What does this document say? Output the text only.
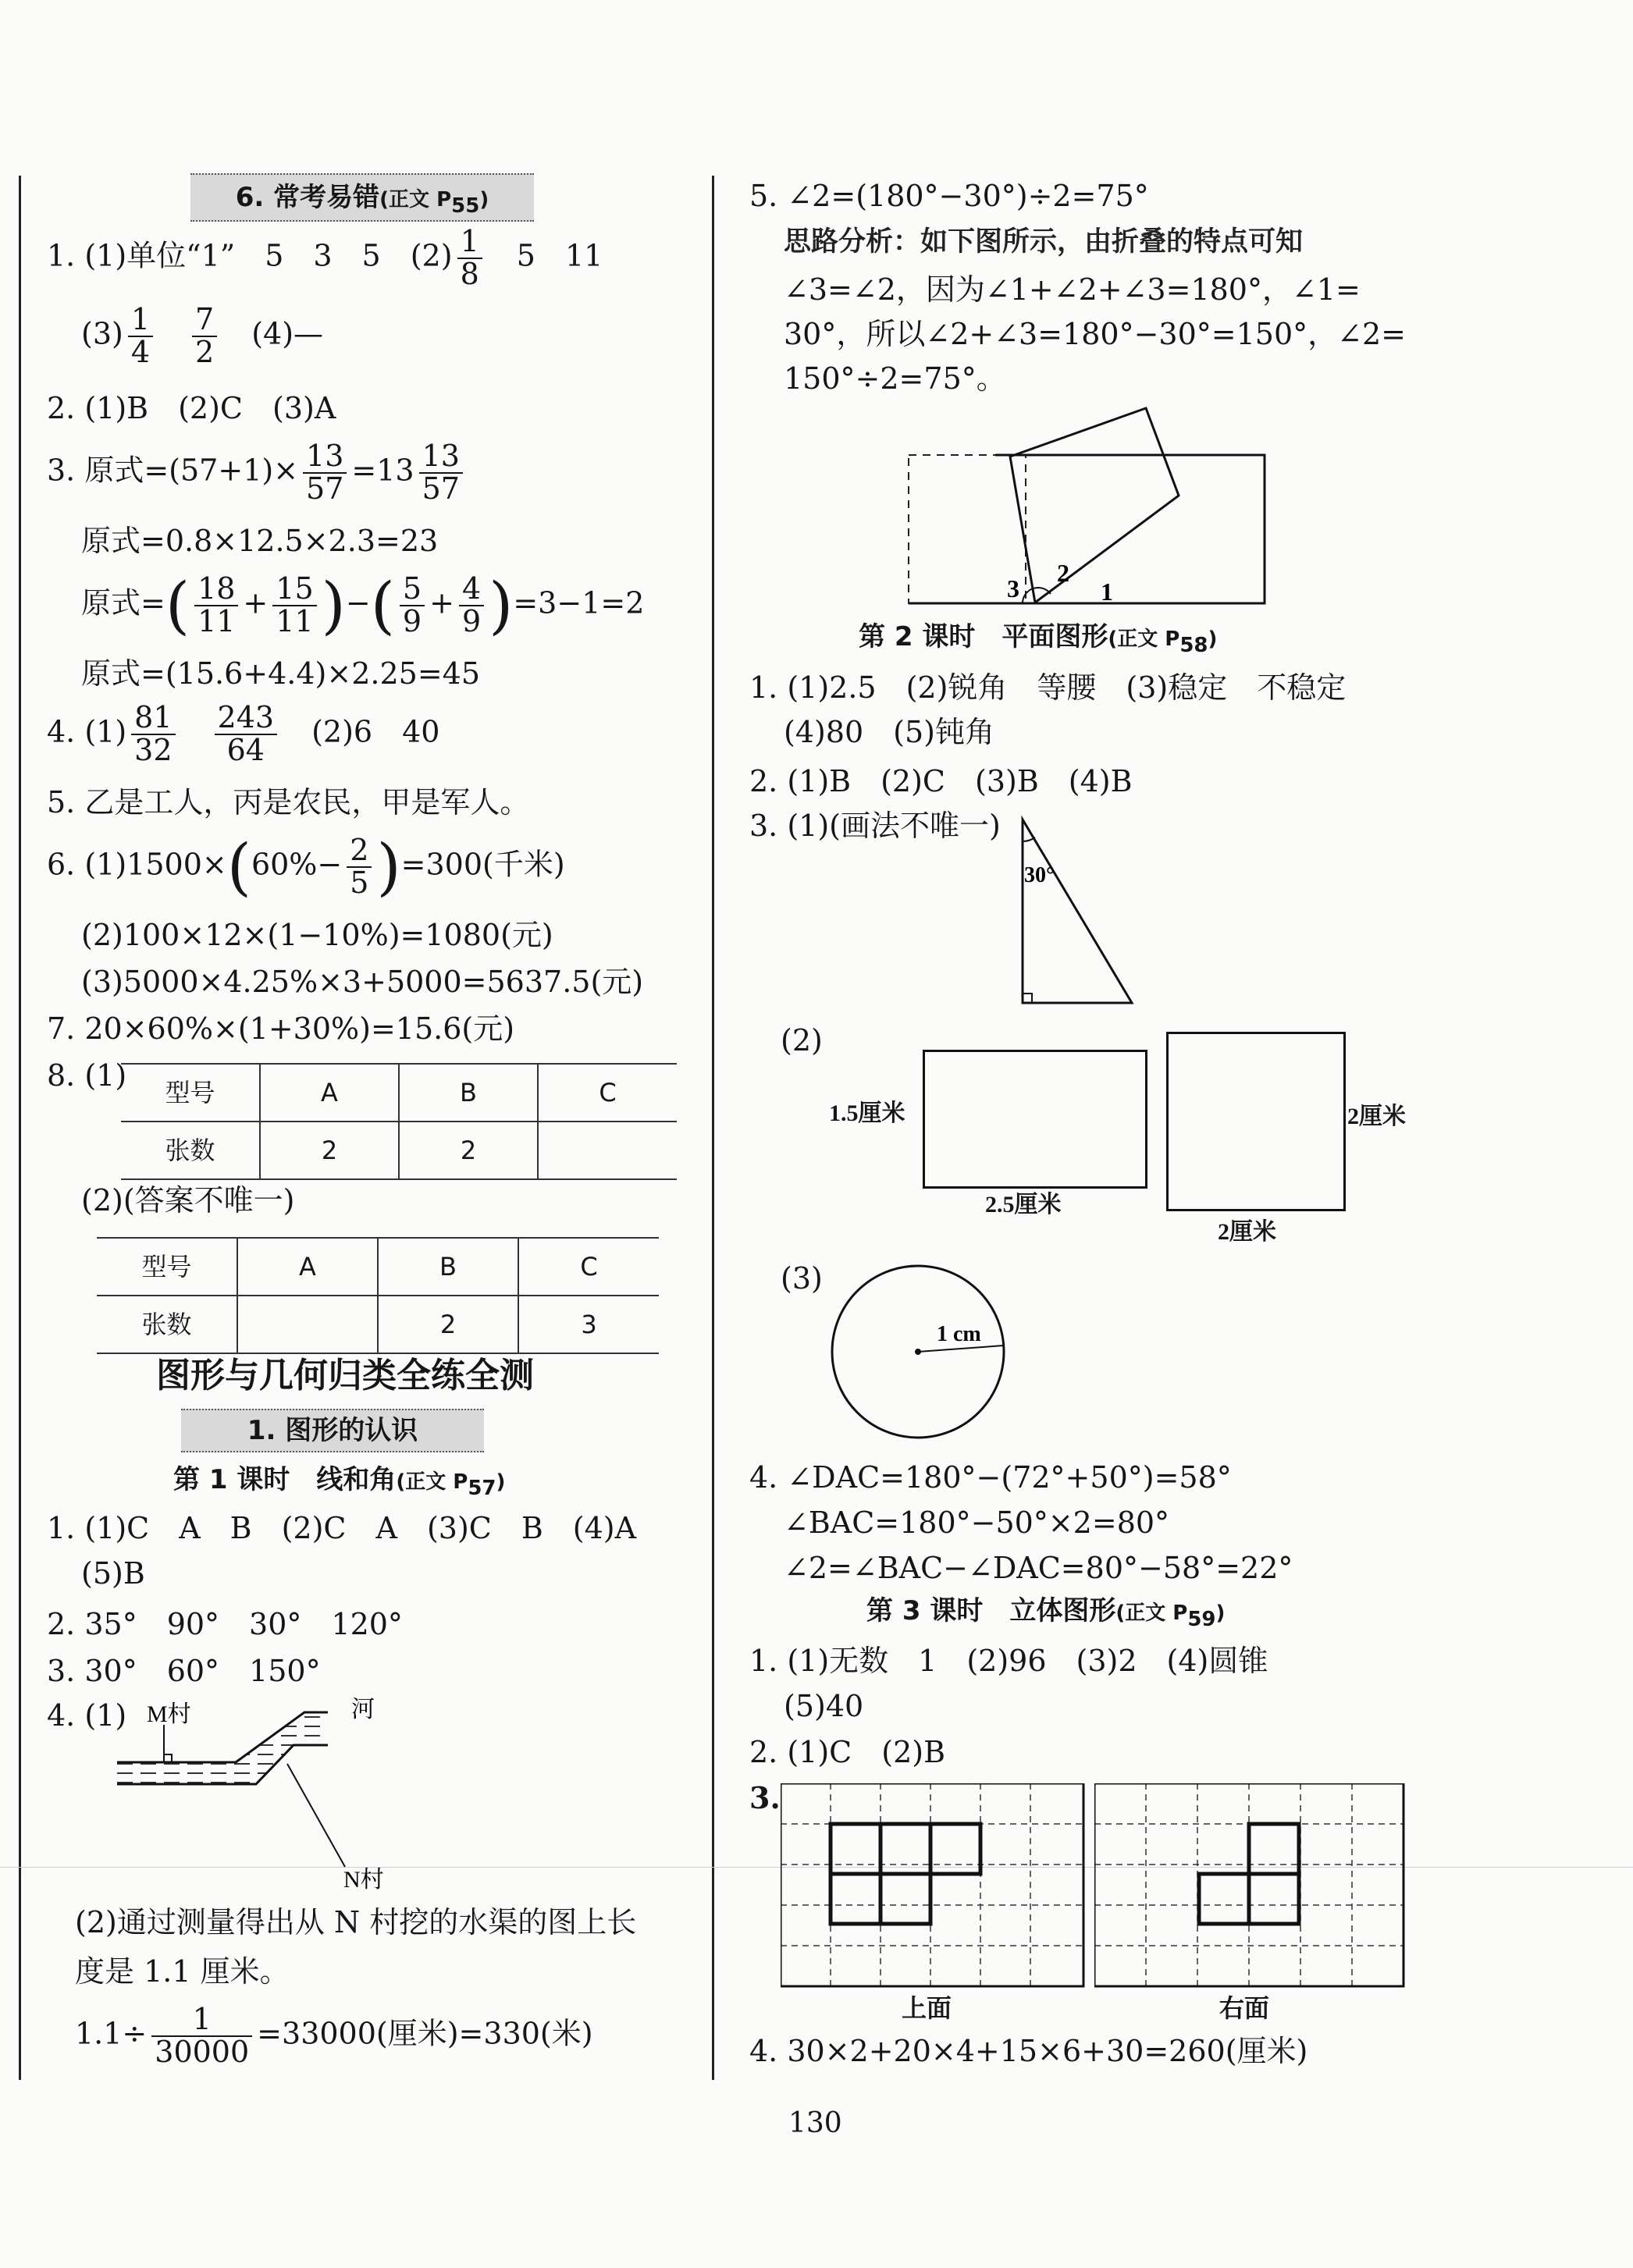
6. 常考易错(正文 $P_{55}$)
1. (1)单位“1”　5　3　5　$(2) \frac{1}{8}$
　 5　11
$(3) \frac{1}{4}$
　 $\frac{7}{2}$
　 (4)—
2. (1)B　(2)C　(3)A
3. 原式$=(57+1)\times \frac{13}{57} =13 \frac{13}{57}$
原式=0.8×12.5×2.3=23
原式=( $\frac{18}{11} + \frac{15}{11}$ )−( $\frac{5}{9} + \frac{4}{9} )=3-1=2$
原式=(15.6+4.4)×2.25=45
4. $(1) \frac{81}{32}$
　 $\frac{243}{64}$
　 (2)6　40
5. 乙是工人，丙是农民，甲是军人。
6. $(1)1500\times(60\%- \frac{2}{5} )=300$(千米)
(2)100×12×(1−10%)=1080(元)
(3)5000×4.25%×3+5000=5637.5(元)
7. 20×60%×(1+30%)=15.6(元)
8. (1) 型号	A	B	C
张数	2	2	
(2)(答案不唯一)
型号	A	B	C
张数		2	3
图形与几何归类全练全测
1. 图形的认识
第 1 课时　线和角(正文 $P_{57}$)
1. (1)C　A　B　(2)C　A　(3)C　B　(4)A
(5)B
2. 35°　90°　30°　120°
3. 30°　60°　150°
4. (1) M村	河
N村
(2)通过测量得出从 N 村挖的水渠的图上长
度是 1.1 厘米。
$1.1\div \frac{1}{30000} =33000$(厘米)=330(米)
5. ∠2=(180°−30°)÷2=75°
思路分析：如下图所示，由折叠的特点可知
∠3=∠2，因为∠1+∠2+∠3=180°，∠1=
30°，所以∠2+∠3=180°−30°=150°，∠2=
150°÷2=75°。
3
2
1
第 2 课时　平面图形(正文 $P_{58}$)
1. (1)2.5　(2)锐角　等腰　(3)稳定　不稳定
(4)80　(5)钝角
2. (1)B　(2)C　(3)B　(4)B
3. (1)(画法不唯一)
30°
(2)
1.5厘米
2.5厘米
2厘米
2厘米
(3)
1 cm
4. ∠DAC=180°−(72°+50°)=58°
∠BAC=180°−50°×2=80°
∠2=∠BAC−∠DAC=80°−58°=22°
第 3 课时　立体图形(正文 $P_{59}$)
1. (1)无数　1　(2)96　(3)2　(4)圆锥
(5)40
2. (1)C　(2)B
3.
上面	右面
4. 30×2+20×4+15×6+30=260(厘米)
130
